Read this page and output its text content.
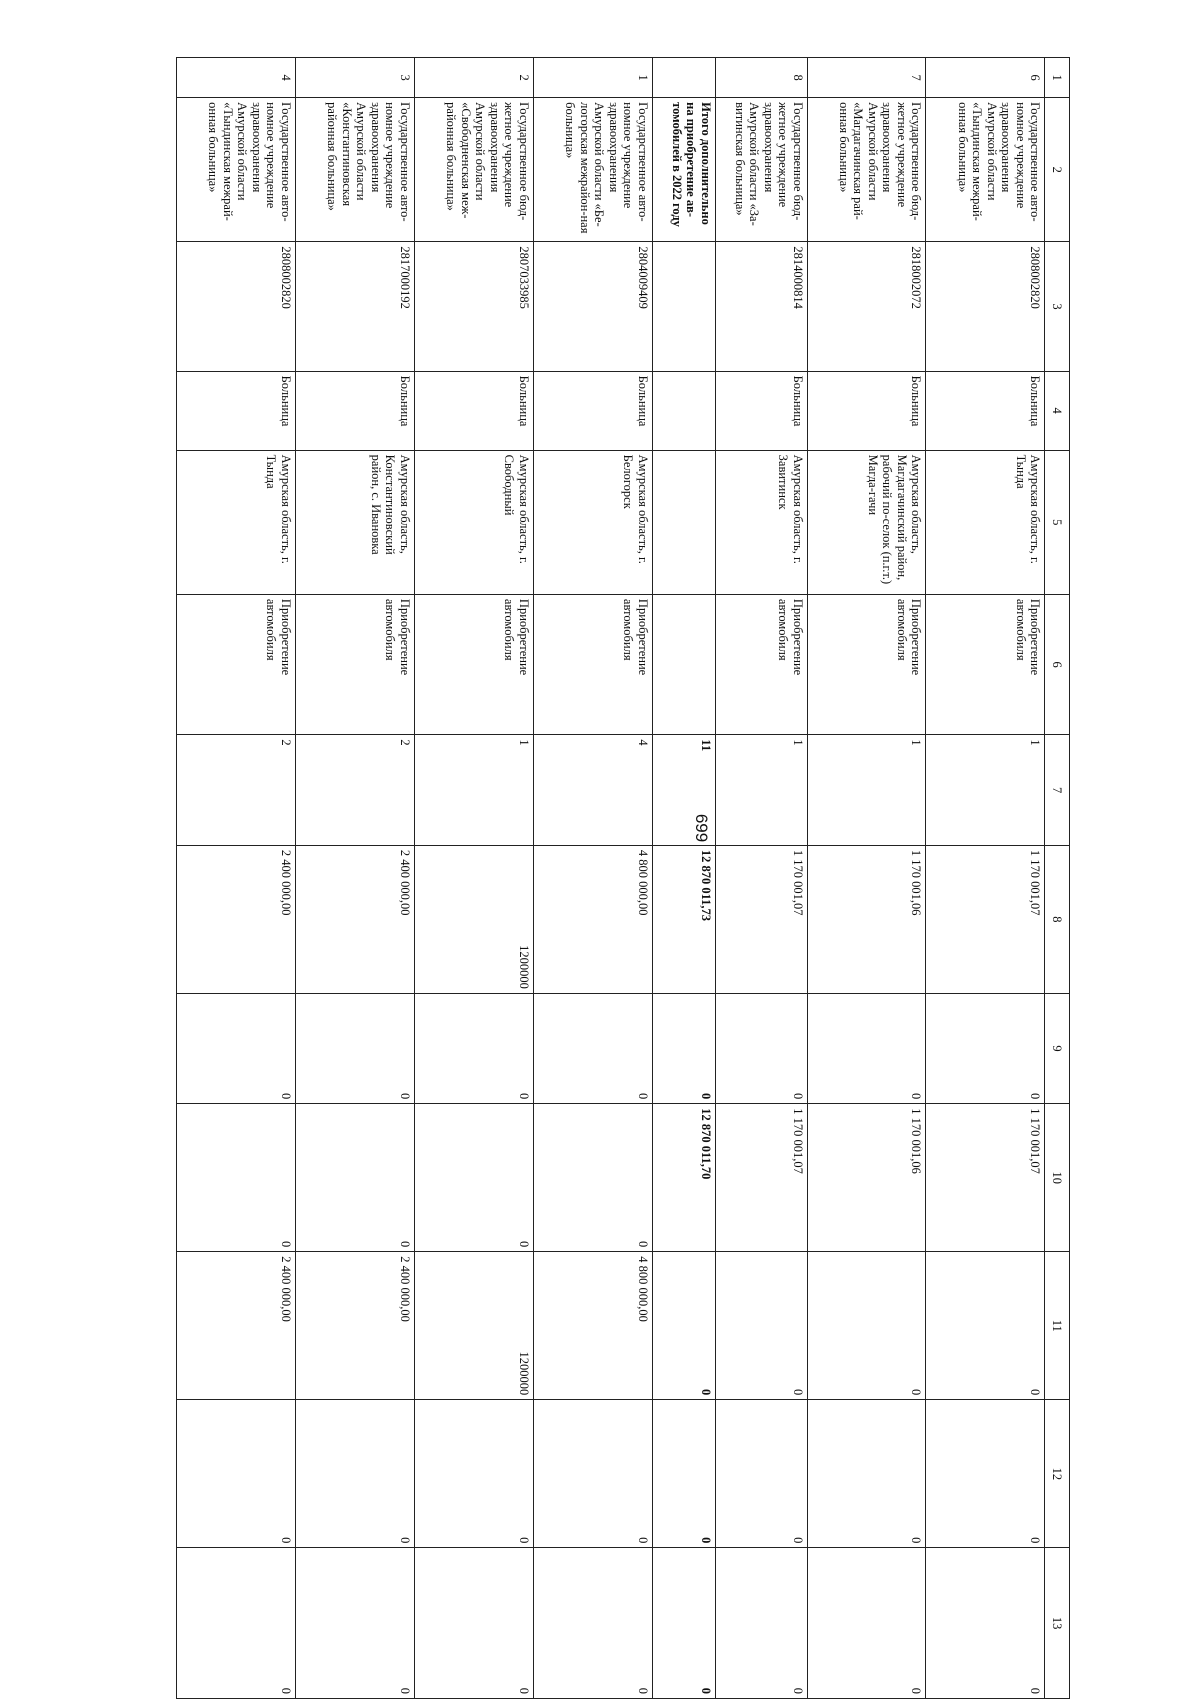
699
1	2	3	4	5	6	7	8	9	10	11	12	13
6	Государственное авто-номное учреждение здравоохранения Амурской области «Тындинская межрай-онная больница»	2808002820	Больница	Амурская область, г. Тында	Приобретение автомобиля	1	1 170 001,07	0	1 170 001,07	0	0	0
7	Государственное бюд-жетное учреждение здравоохранения Амурской области «Магдагачинская рай-онная больница»	2818002072	Больница	Амурская область, Магдагачинский район, рабочий по-селок (п.г.т.) Магда-гачи	Приобретение автомобиля	1	1 170 001,06	0	1 170 001,06	0	0	0
8	Государственное бюд-жетное учреждение здравоохранения Амурской области «За-витинская больница»	2814000814	Больница	Амурская область, г. Завитинск	Приобретение автомобиля	1	1 170 001,07	0	1 170 001,07	0	0	0
	Итого дополнительно на приобретение ав-томобилей в 2022 году					11	12 870 011,73	0	12 870 011,70	0	0	0
1	Государственное авто-номное учреждение здравоохранения Амурской области «Бе-логорская межрайон-ная больница»	2804009409	Больница	Амурская область, г. Белогорск	Приобретение автомобиля	4	4 800 000,00	0	0	4 800 000,00	0	0
2	Государственное бюд-жетное учреждение здравоохранения Амурской области «Свободненская меж-районная больница»	2807033985	Больница	Амурская область, г. Свободный	Приобретение автомобиля	1	1200000	0	0	1200000	0	0
3	Государственное авто-номное учреждение здравоохранения Амурской области «Константиновская районная больница»	2817000192	Больница	Амурская область, Константиновский район, с. Ивановка	Приобретение автомобиля	2	2 400 000,00	0	0	2 400 000,00	0	0
4	Государственное авто-номное учреждение здравоохранения Амурской области «Тындинская межрай-онная больница»	2808002820	Больница	Амурская область, г. Тында	Приобретение автомобиля	2	2 400 000,00	0	0	2 400 000,00	0	0
